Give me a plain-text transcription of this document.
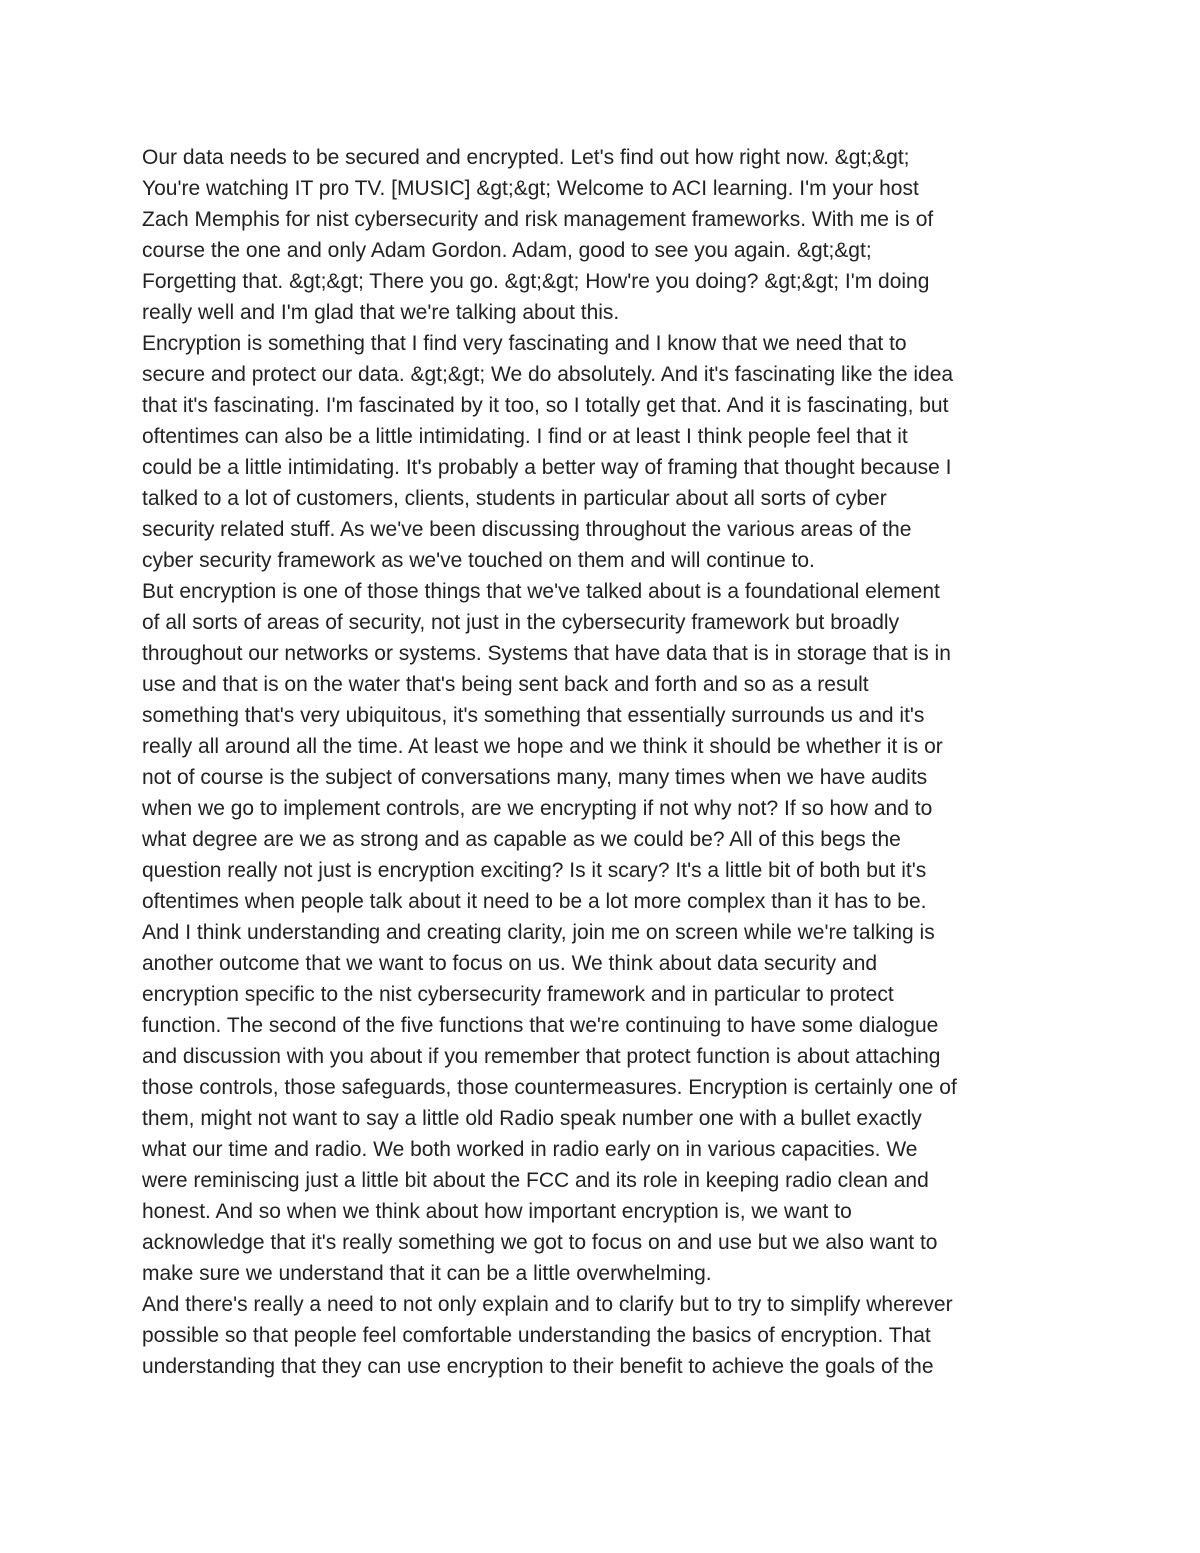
Our data needs to be secured and encrypted. Let's find out how right now. &gt;&gt;
You're watching IT pro TV. [MUSIC] &gt;&gt; Welcome to ACI learning. I'm your host
Zach Memphis for nist cybersecurity and risk management frameworks. With me is of
course the one and only Adam Gordon. Adam, good to see you again. &gt;&gt;
Forgetting that. &gt;&gt; There you go. &gt;&gt; How're you doing? &gt;&gt; I'm doing
really well and I'm glad that we're talking about this.
Encryption is something that I find very fascinating and I know that we need that to
secure and protect our data. &gt;&gt; We do absolutely. And it's fascinating like the idea
that it's fascinating. I'm fascinated by it too, so I totally get that. And it is fascinating, but
oftentimes can also be a little intimidating. I find or at least I think people feel that it
could be a little intimidating. It's probably a better way of framing that thought because I
talked to a lot of customers, clients, students in particular about all sorts of cyber
security related stuff. As we've been discussing throughout the various areas of the
cyber security framework as we've touched on them and will continue to.
But encryption is one of those things that we've talked about is a foundational element
of all sorts of areas of security, not just in the cybersecurity framework but broadly
throughout our networks or systems. Systems that have data that is in storage that is in
use and that is on the water that's being sent back and forth and so as a result
something that's very ubiquitous, it's something that essentially surrounds us and it's
really all around all the time. At least we hope and we think it should be whether it is or
not of course is the subject of conversations many, many times when we have audits
when we go to implement controls, are we encrypting if not why not? If so how and to
what degree are we as strong and as capable as we could be? All of this begs the
question really not just is encryption exciting? Is it scary? It's a little bit of both but it's
oftentimes when people talk about it need to be a lot more complex than it has to be.
And I think understanding and creating clarity, join me on screen while we're talking is
another outcome that we want to focus on us. We think about data security and
encryption specific to the nist cybersecurity framework and in particular to protect
function. The second of the five functions that we're continuing to have some dialogue
and discussion with you about if you remember that protect function is about attaching
those controls, those safeguards, those countermeasures. Encryption is certainly one of
them, might not want to say a little old Radio speak number one with a bullet exactly
what our time and radio. We both worked in radio early on in various capacities. We
were reminiscing just a little bit about the FCC and its role in keeping radio clean and
honest. And so when we think about how important encryption is, we want to
acknowledge that it's really something we got to focus on and use but we also want to
make sure we understand that it can be a little overwhelming.
And there's really a need to not only explain and to clarify but to try to simplify wherever
possible so that people feel comfortable understanding the basics of encryption. That
understanding that they can use encryption to their benefit to achieve the goals of the
